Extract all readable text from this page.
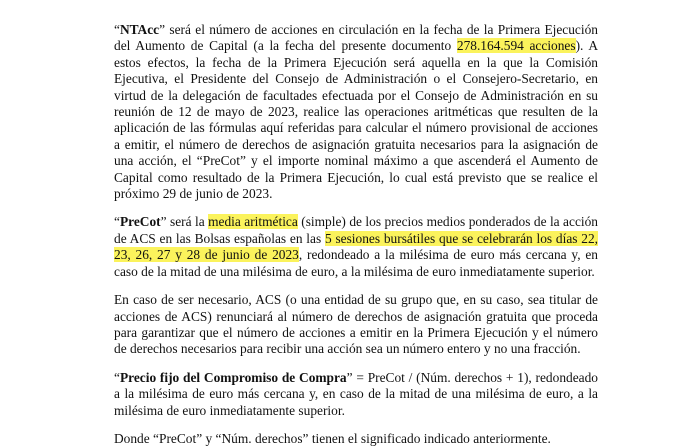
“NTAcc” será el número de acciones en circulación en la fecha de la Primera Ejecución del Aumento de Capital (a la fecha del presente documento 278.164.594 acciones). A estos efectos, la fecha de la Primera Ejecución será aquella en la que la Comisión Ejecutiva, el Presidente del Consejo de Administración o el Consejero-Secretario, en virtud de la delegación de facultades efectuada por el Consejo de Administración en su reunión de 12 de mayo de 2023, realice las operaciones aritméticas que resulten de la aplicación de las fórmulas aquí referidas para calcular el número provisional de acciones a emitir, el número de derechos de asignación gratuita necesarios para la asignación de una acción, el “PreCot” y el importe nominal máximo a que ascenderá el Aumento de Capital como resultado de la Primera Ejecución, lo cual está previsto que se realice el próximo 29 de junio de 2023.

“PreCot” será la media aritmética (simple) de los precios medios ponderados de la acción de ACS en las Bolsas españolas en las 5 sesiones bursátiles que se celebrarán los días 22, 23, 26, 27 y 28 de junio de 2023, redondeado a la milésima de euro más cercana y, en caso de la mitad de una milésima de euro, a la milésima de euro inmediatamente superior.

En caso de ser necesario, ACS (o una entidad de su grupo que, en su caso, sea titular de acciones de ACS) renunciará al número de derechos de asignación gratuita que proceda para garantizar que el número de acciones a emitir en la Primera Ejecución y el número de derechos necesarios para recibir una acción sea un número entero y no una fracción.

“Precio fijo del Compromiso de Compra” = PreCot / (Núm. derechos + 1), redondeado a la milésima de euro más cercana y, en caso de la mitad de una milésima de euro, a la milésima de euro inmediatamente superior.

Donde “PreCot” y “Núm. derechos” tienen el significado indicado anteriormente.
